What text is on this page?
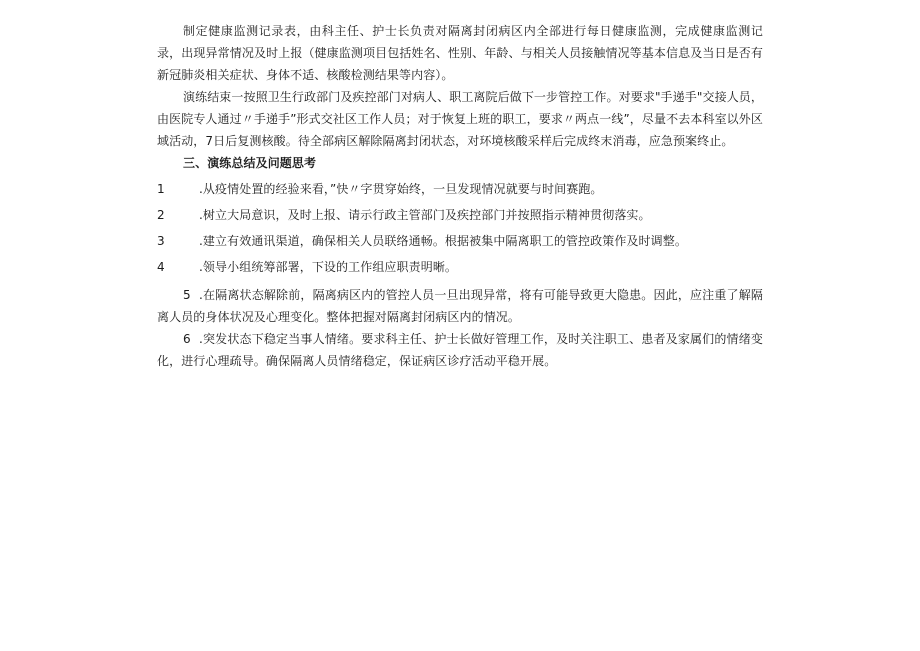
制定健康监测记录表，由科主任、护士长负责对隔离封闭病区内全部进行每日健康监测，完成健康监测记录，出现异常情况及时上报（健康监测项目包括姓名、性别、年龄、与相关人员接触情况等基本信息及当日是否有新冠肺炎相关症状、身体不适、核酸检测结果等内容）。

演练结束一按照卫生行政部门及疾控部门对病人、职工离院后做下一步管控工作。对要求"手递手"交接人员，由医院专人通过〃手递手”形式交社区工作人员；对于恢复上班的职工，要求〃两点一线”，尽量不去本科室以外区域活动，7日后复测核酸。待全部病区解除隔离封闭状态，对环境核酸采样后完成终末消毒，应急预案终止。

三、演练总结及问题思考

1	.从疫情处置的经验来看，”快〃字贯穿始终，一旦发现情况就要与时间赛跑。

2	.树立大局意识，及时上报、请示行政主管部门及疾控部门并按照指示精神贯彻落实。

3	.建立有效通讯渠道，确保相关人员联络通畅。根据被集中隔离职工的管控政策作及时调整。

4	.领导小组统筹部署，下设的工作组应职责明晰。

5 .在隔离状态解除前，隔离病区内的管控人员一旦出现异常，将有可能导致更大隐患。因此，应注重了解隔离人员的身体状况及心理变化。整体把握对隔离封闭病区内的情况。

6 .突发状态下稳定当事人情绪。要求科主任、护士长做好管理工作，及时关注职工、患者及家属们的情绪变化，进行心理疏导。确保隔离人员情绪稳定，保证病区诊疗活动平稳开展。
